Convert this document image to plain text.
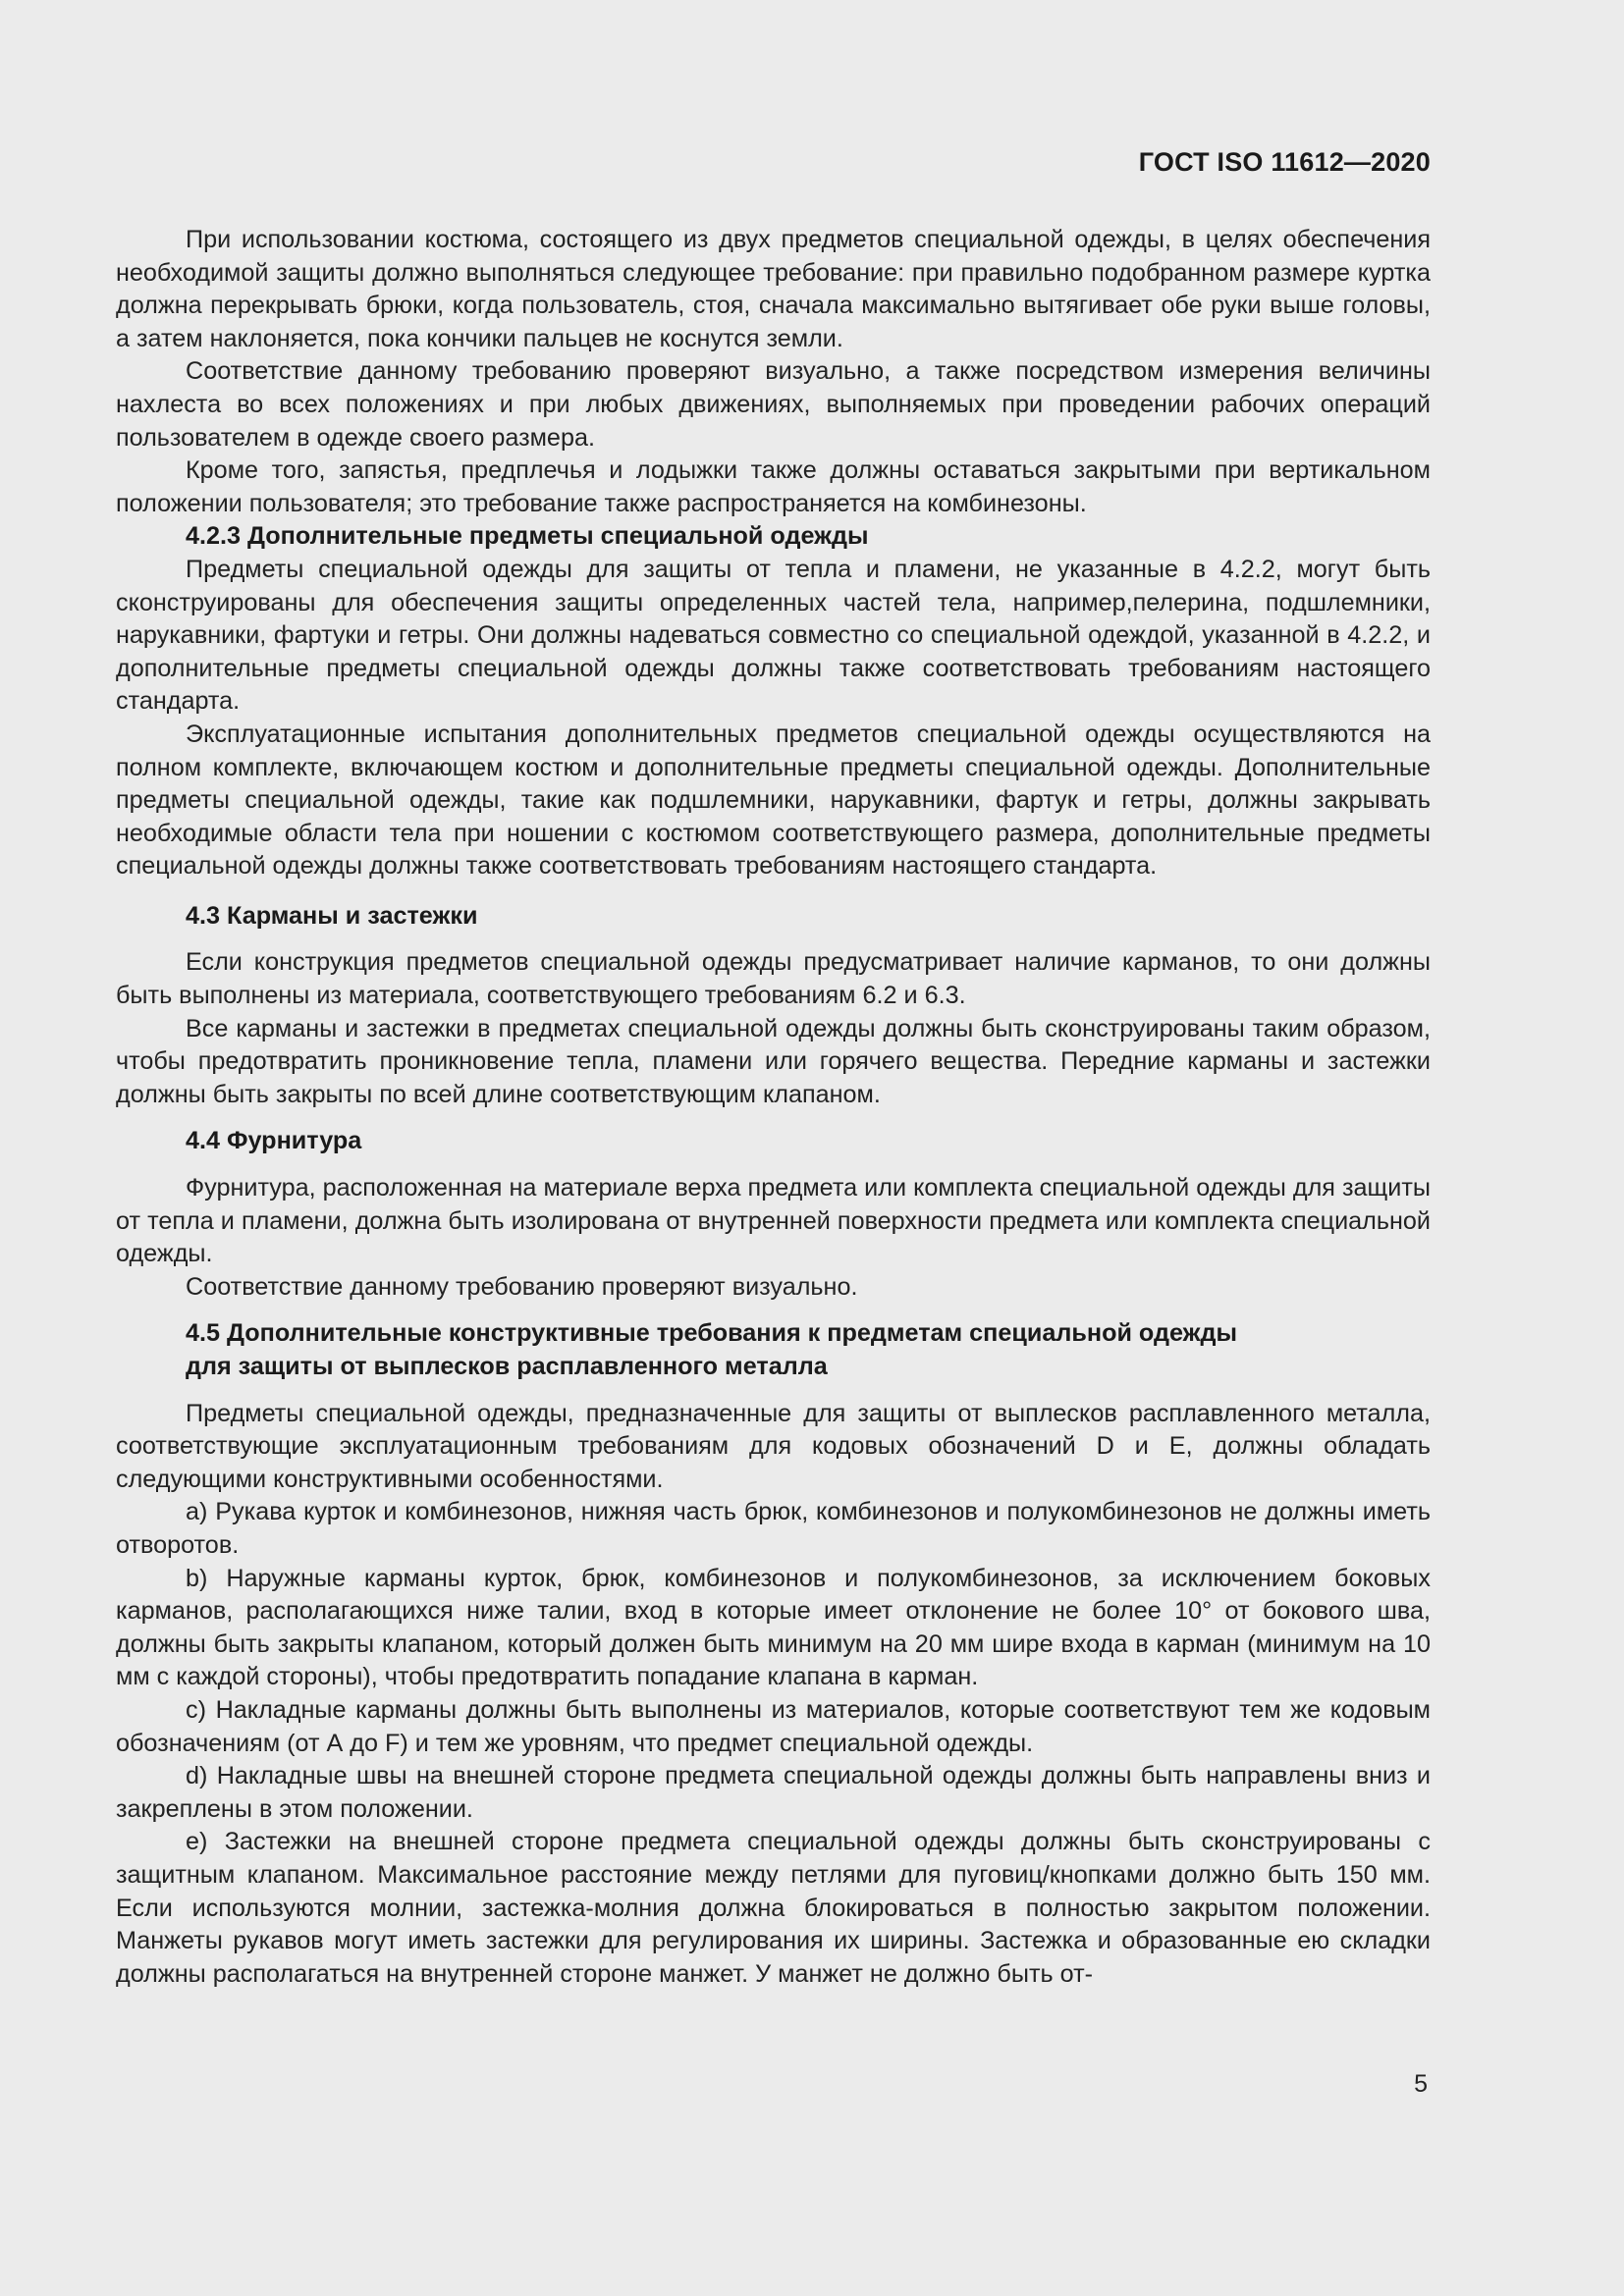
ГОСТ ISO 11612—2020

При использовании костюма, состоящего из двух предметов специальной одежды, в целях обеспечения необходимой защиты должно выполняться следующее требование: при правильно подобранном размере куртка должна перекрывать брюки, когда пользователь, стоя, сначала максимально вытягивает обе руки выше головы, а затем наклоняется, пока кончики пальцев не коснутся земли.

Соответствие данному требованию проверяют визуально, а также посредством измерения величины нахлеста во всех положениях и при любых движениях, выполняемых при проведении рабочих операций пользователем в одежде своего размера.

Кроме того, запястья, предплечья и лодыжки также должны оставаться закрытыми при вертикальном положении пользователя; это требование также распространяется на комбинезоны.

4.2.3 Дополнительные предметы специальной одежды

Предметы специальной одежды для защиты от тепла и пламени, не указанные в 4.2.2, могут быть сконструированы для обеспечения защиты определенных частей тела, например,пелерина, подшлемники, нарукавники, фартуки и гетры. Они должны надеваться совместно со специальной одеждой, указанной в 4.2.2, и дополнительные предметы специальной одежды должны также соответствовать требованиям настоящего стандарта.

Эксплуатационные испытания дополнительных предметов специальной одежды осуществляются на полном комплекте, включающем костюм и дополнительные предметы специальной одежды. Дополнительные предметы специальной одежды, такие как подшлемники, нарукавники, фартук и гетры, должны закрывать необходимые области тела при ношении с костюмом соответствующего размера, дополнительные предметы специальной одежды должны также соответствовать требованиям настоящего стандарта.

4.3 Карманы и застежки

Если конструкция предметов специальной одежды предусматривает наличие карманов, то они должны быть выполнены из материала, соответствующего требованиям 6.2 и 6.3.

Все карманы и застежки в предметах специальной одежды должны быть сконструированы таким образом, чтобы предотвратить проникновение тепла, пламени или горячего вещества. Передние карманы и застежки должны быть закрыты по всей длине соответствующим клапаном.

4.4 Фурнитура

Фурнитура, расположенная на материале верха предмета или комплекта специальной одежды для защиты от тепла и пламени, должна быть изолирована от внутренней поверхности предмета или комплекта специальной одежды.

Соответствие данному требованию проверяют визуально.

4.5 Дополнительные конструктивные требования к предметам специальной одежды
для защиты от выплесков расплавленного металла

Предметы специальной одежды, предназначенные для защиты от выплесков расплавленного металла, соответствующие эксплуатационным требованиям для кодовых обозначений D и E, должны обладать следующими конструктивными особенностями.

a) Рукава курток и комбинезонов, нижняя часть брюк, комбинезонов и полукомбинезонов не должны иметь отворотов.

b) Наружные карманы курток, брюк, комбинезонов и полукомбинезонов, за исключением боковых карманов, располагающихся ниже талии, вход в которые имеет отклонение не более 10° от бокового шва, должны быть закрыты клапаном, который должен быть минимум на 20 мм шире входа в карман (минимум на 10 мм с каждой стороны), чтобы предотвратить попадание клапана в карман.

c) Накладные карманы должны быть выполнены из материалов, которые соответствуют тем же кодовым обозначениям (от А до F) и тем же уровням, что предмет специальной одежды.

d) Накладные швы на внешней стороне предмета специальной одежды должны быть направлены вниз и закреплены в этом положении.

e) Застежки на внешней стороне предмета специальной одежды должны быть сконструированы с защитным клапаном. Максимальное расстояние между петлями для пуговиц/кнопками должно быть 150 мм. Если используются молнии, застежка-молния должна блокироваться в полностью закрытом положении. Манжеты рукавов могут иметь застежки для регулирования их ширины. Застежка и образованные ею складки должны располагаться на внутренней стороне манжет. У манжет не должно быть от-

5
